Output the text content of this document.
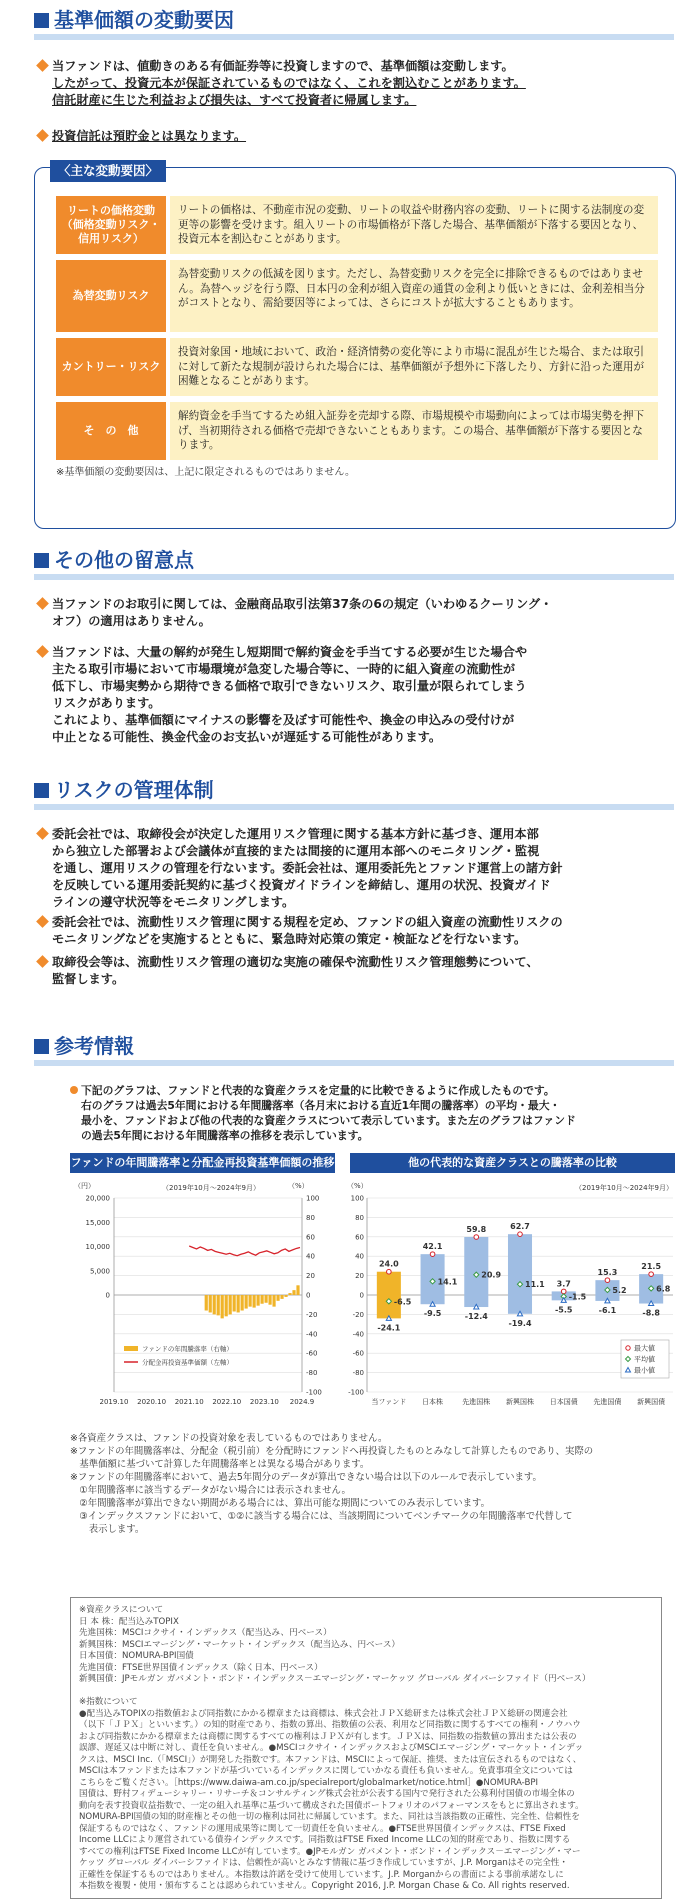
基準価額の変動要因
当ファンドは、値動きのある有価証券等に投資しますので、基準価額は変動します。
したがって、投資元本が保証されているものではなく、これを割込むことがあります。
信託財産に生じた利益および損失は、すべて投資者に帰属します。
投資信託は預貯金とは異なります。
〈主な変動要因〉
リートの価格変動
（価格変動リスク・
信用リスク）
リートの価格は、不動産市況の変動、リートの収益や財務内容の変動、リートに関する法制度の変更等の影響を受けます。組入リートの市場価格が下落した場合、基準価額が下落する要因となり、投資元本を割込むことがあります。
為替変動リスク
為替変動リスクの低減を図ります。ただし、為替変動リスクを完全に排除できるものではありません。為替ヘッジを行う際、日本円の金利が組入資産の通貨の金利より低いときには、金利差相当分がコストとなり、需給要因等によっては、さらにコストが拡大することもあります。
カントリー・リスク
投資対象国・地域において、政治・経済情勢の変化等により市場に混乱が生じた場合、または取引に対して新たな規制が設けられた場合には、基準価額が予想外に下落したり、方針に沿った運用が困難となることがあります。
そ　の　他
解約資金を手当てするため組入証券を売却する際、市場規模や市場動向によっては市場実勢を押下げ、当初期待される価格で売却できないこともあります。この場合、基準価額が下落する要因となります。
※基準価額の変動要因は、上記に限定されるものではありません。
その他の留意点
当ファンドのお取引に関しては、金融商品取引法第37条の6の規定（いわゆるクーリング・
オフ）の適用はありません。
当ファンドは、大量の解約が発生し短期間で解約資金を手当てする必要が生じた場合や
主たる取引市場において市場環境が急変した場合等に、一時的に組入資産の流動性が
低下し、市場実勢から期待できる価格で取引できないリスク、取引量が限られてしまう
リスクがあります。
これにより、基準価額にマイナスの影響を及ぼす可能性や、換金の申込みの受付けが
中止となる可能性、換金代金のお支払いが遅延する可能性があります。
リスクの管理体制
委託会社では、取締役会が決定した運用リスク管理に関する基本方針に基づき、運用本部
から独立した部署および会議体が直接的または間接的に運用本部へのモニタリング・監視
を通し、運用リスクの管理を行ないます。委託会社は、運用委託先とファンド運営上の諸方針
を反映している運用委託契約に基づく投資ガイドラインを締結し、運用の状況、投資ガイド
ラインの遵守状況等をモニタリングします。
委託会社では、流動性リスク管理に関する規程を定め、ファンドの組入資産の流動性リスクの
モニタリングなどを実施するとともに、緊急時対応策の策定・検証などを行ないます。
取締役会等は、流動性リスク管理の適切な実施の確保や流動性リスク管理態勢について、
監督します。
参考情報
下記のグラフは、ファンドと代表的な資産クラスを定量的に比較できるように作成したものです。
右のグラフは過去5年間における年間騰落率（各月末における直近1年間の騰落率）の平均・最大・
最小を、ファンドおよび他の代表的な資産クラスについて表示しています。また左のグラフはファンド
の過去5年間における年間騰落率の推移を表示しています。
ファンドの年間騰落率と分配金再投資基準価額の推移
（円）	（%）
（2019年10月〜2024年9月）
100
80
60
40
20
0
-20
-40
-60
-80
-100
20,000
15,000
10,000
5,000
0
2019.10 2020.10 2021.10 2022.10 2023.10 2024.9
ファンドの年間騰落率（右軸）
分配金再投資基準価額（左軸）
他の代表的な資産クラスとの騰落率の比較
（%）	（2019年10月〜2024年9月）
100
80
60
40
20
0
-20
-40
-60
-80
-100
24.0
-6.5
-24.1
当ファンド
42.1
14.1
-9.5
日本株
59.8
20.9
-12.4
先進国株
62.7
11.1
-19.4
新興国株
3.7
-1.5
-5.5
日本国債
15.3
5.2
-6.1
先進国債
21.5
6.8
-8.8
新興国債
最大値
平均値
最小値
※各資産クラスは、ファンドの投資対象を表しているものではありません。
※ファンドの年間騰落率は、分配金（税引前）を分配時にファンドへ再投資したものとみなして計算したものであり、実際の
　基準価額に基づいて計算した年間騰落率とは異なる場合があります。
※ファンドの年間騰落率において、過去5年間分のデータが算出できない場合は以下のルールで表示しています。
　①年間騰落率に該当するデータがない場合には表示されません。
　②年間騰落率が算出できない期間がある場合には、算出可能な期間についてのみ表示しています。
　③インデックスファンドにおいて、①②に該当する場合には、当該期間についてベンチマークの年間騰落率で代替して
　　表示します。
※資産クラスについて
日 本 株：配当込みTOPIX
先進国株：MSCIコクサイ・インデックス（配当込み、円ベース）
新興国株：MSCIエマージング・マーケット・インデックス（配当込み、円ベース）
日本国債：NOMURA-BPI国債
先進国債：FTSE世界国債インデックス（除く日本、円ベース）
新興国債：JPモルガン ガバメント・ボンド・インデックス－エマージング・マーケッツ グローバル ダイバーシファイド（円ベース）

※指数について
●配当込みTOPIXの指数値および同指数にかかる標章または商標は、株式会社ＪＰＸ総研または株式会社ＪＰＸ総研の関連会社
（以下「ＪＰＸ」といいます。）の知的財産であり、指数の算出、指数値の公表、利用など同指数に関するすべての権利・ノウハウ
および同指数にかかる標章または商標に関するすべての権利はＪＰＸが有します。ＪＰＸは、同指数の指数値の算出または公表の
誤謬、遅延又は中断に対し、責任を負いません。●MSCIコクサイ・インデックスおよびMSCIエマージング・マーケット・インデッ
クスは、MSCI Inc.（「MSCI」）が開発した指数です。本ファンドは、MSCIによって保証、推奨、または宣伝されるものではなく、
MSCIは本ファンドまたは本ファンドが基づいているインデックスに関していかなる責任も負いません。免責事項全文については
こちらをご覧ください。［https://www.daiwa-am.co.jp/specialreport/globalmarket/notice.html］●NOMURA-BPI
国債は、野村フィデューシャリー・リサーチ＆コンサルティング株式会社が公表する国内で発行された公募利付国債の市場全体の
動向を表す投資収益指数で、一定の組入れ基準に基づいて構成された国債ポートフォリオのパフォーマンスをもとに算出されます。
NOMURA-BPI国債の知的財産権とその他一切の権利は同社に帰属しています。また、同社は当該指数の正確性、完全性、信頼性を
保証するものではなく、ファンドの運用成果等に関して一切責任を負いません。●FTSE世界国債インデックスは、FTSE Fixed
Income LLCにより運営されている債券インデックスです。同指数はFTSE Fixed Income LLCの知的財産であり、指数に関する
すべての権利はFTSE Fixed Income LLCが有しています。●JPモルガン ガバメント・ボンド・インデックス－エマージング・マー
ケッツ グローバル ダイバーシファイドは、信頼性が高いとみなす情報に基づき作成していますが、J.P. Morganはその完全性・
正確性を保証するものではありません。本指数は許諾を受けて使用しています。J.P. Morganからの書面による事前承諾なしに
本指数を複製・使用・頒布することは認められていません。Copyright 2016, J.P. Morgan Chase & Co. All rights reserved.
